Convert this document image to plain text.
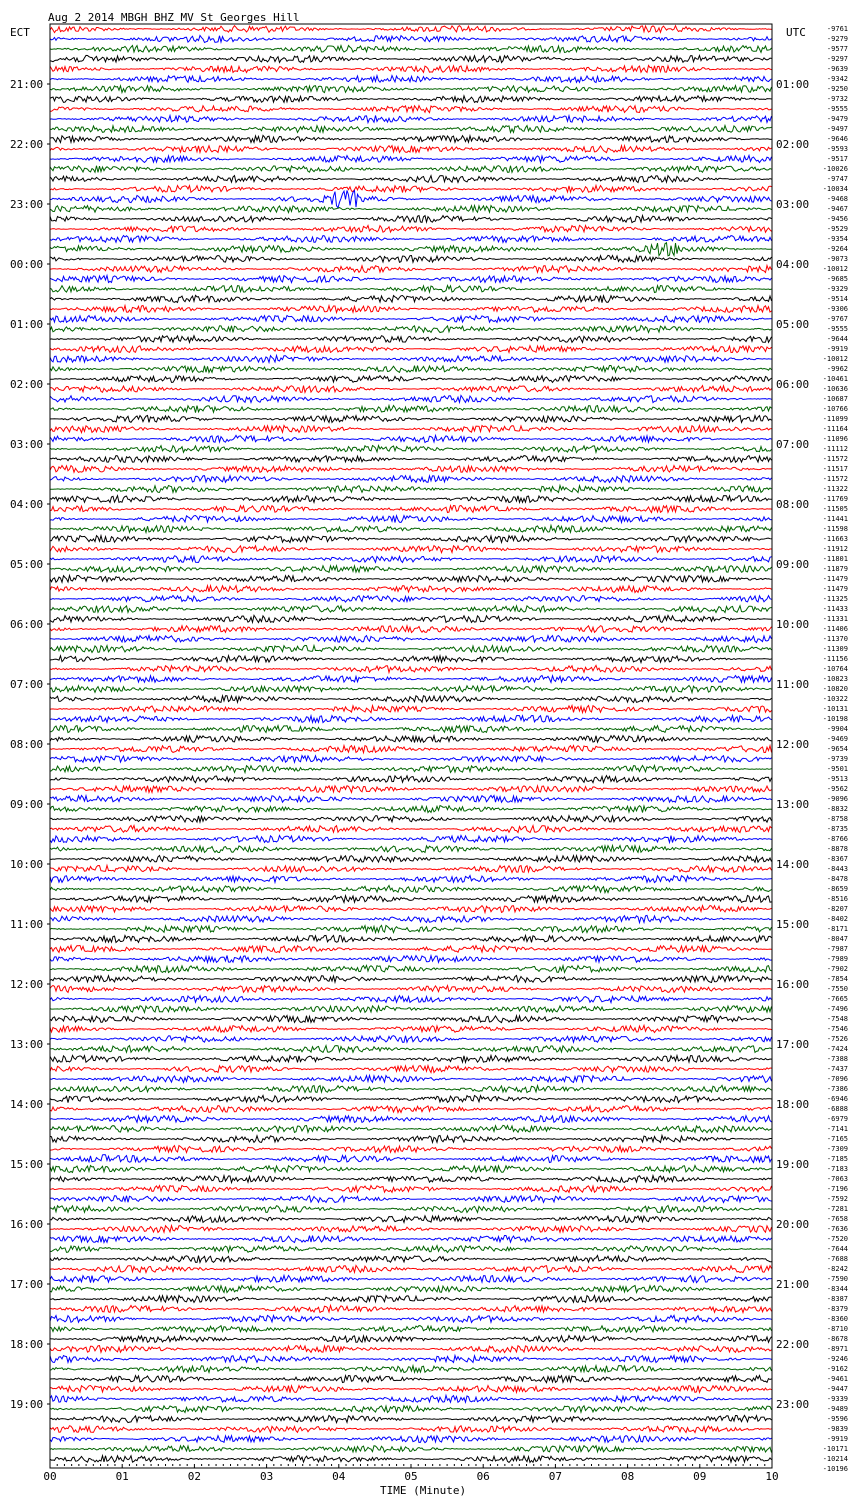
Aug 2 2014 MBGH BHZ MV St Georges Hill
ECT	UTC
21:00
22:00
23:00
00:00
01:00
02:00
03:00
04:00
05:00
06:00
07:00
08:00
09:00
10:00
11:00
12:00
13:00
14:00
15:00
16:00
17:00
18:00
19:00
01:00
02:00
03:00
04:00
05:00
06:00
07:00
08:00
09:00
10:00
11:00
12:00
13:00
14:00
15:00
16:00
17:00
18:00
19:00
20:00
21:00
22:00
23:00
-9761
-9279
-9577
-9297
-9639
-9342
-9250
-9732
-9555
-9479
-9497
-9646
-9593
-9517
-10026
-9747
-10034
-9468
-9467
-9456
-9529
-9354
-9264
-9073
-10012
-9685
-9329
-9514
-9306
-9767
-9555
-9644
-9919
-10012
-9962
-10461
-10636
-10687
-10766
-11099
-11164
-11096
-11112
-11572
-11517
-11572
-11322
-11769
-11505
-11441
-11598
-11663
-11912
-11801
-11879
-11479
-11479
-11325
-11433
-11331
-11406
-11370
-11309
-11156
-10764
-10823
-10820
-10322
-10131
-10198
-9904
-9469
-9654
-9739
-9501
-9513
-9562
-9096
-8832
-8758
-8735
-8766
-8878
-8367
-8443
-8478
-8659
-8516
-8207
-8402
-8171
-8047
-7987
-7989
-7902
-7854
-7550
-7665
-7496
-7548
-7546
-7526
-7424
-7388
-7437
-7096
-7386
-6946
-6888
-6979
-7141
-7165
-7309
-7185
-7183
-7063
-7196
-7592
-7281
-7658
-7636
-7520
-7644
-7688
-8242
-7590
-8344
-8387
-8379
-8360
-8710
-8678
-8971
-9246
-9162
-9461
-9447
-9339
-9489
-9596
-9839
-9919
-10171
-10214
-10196
00	01	02	03	04	05	06	07	08	09	10
TIME (Minute)
